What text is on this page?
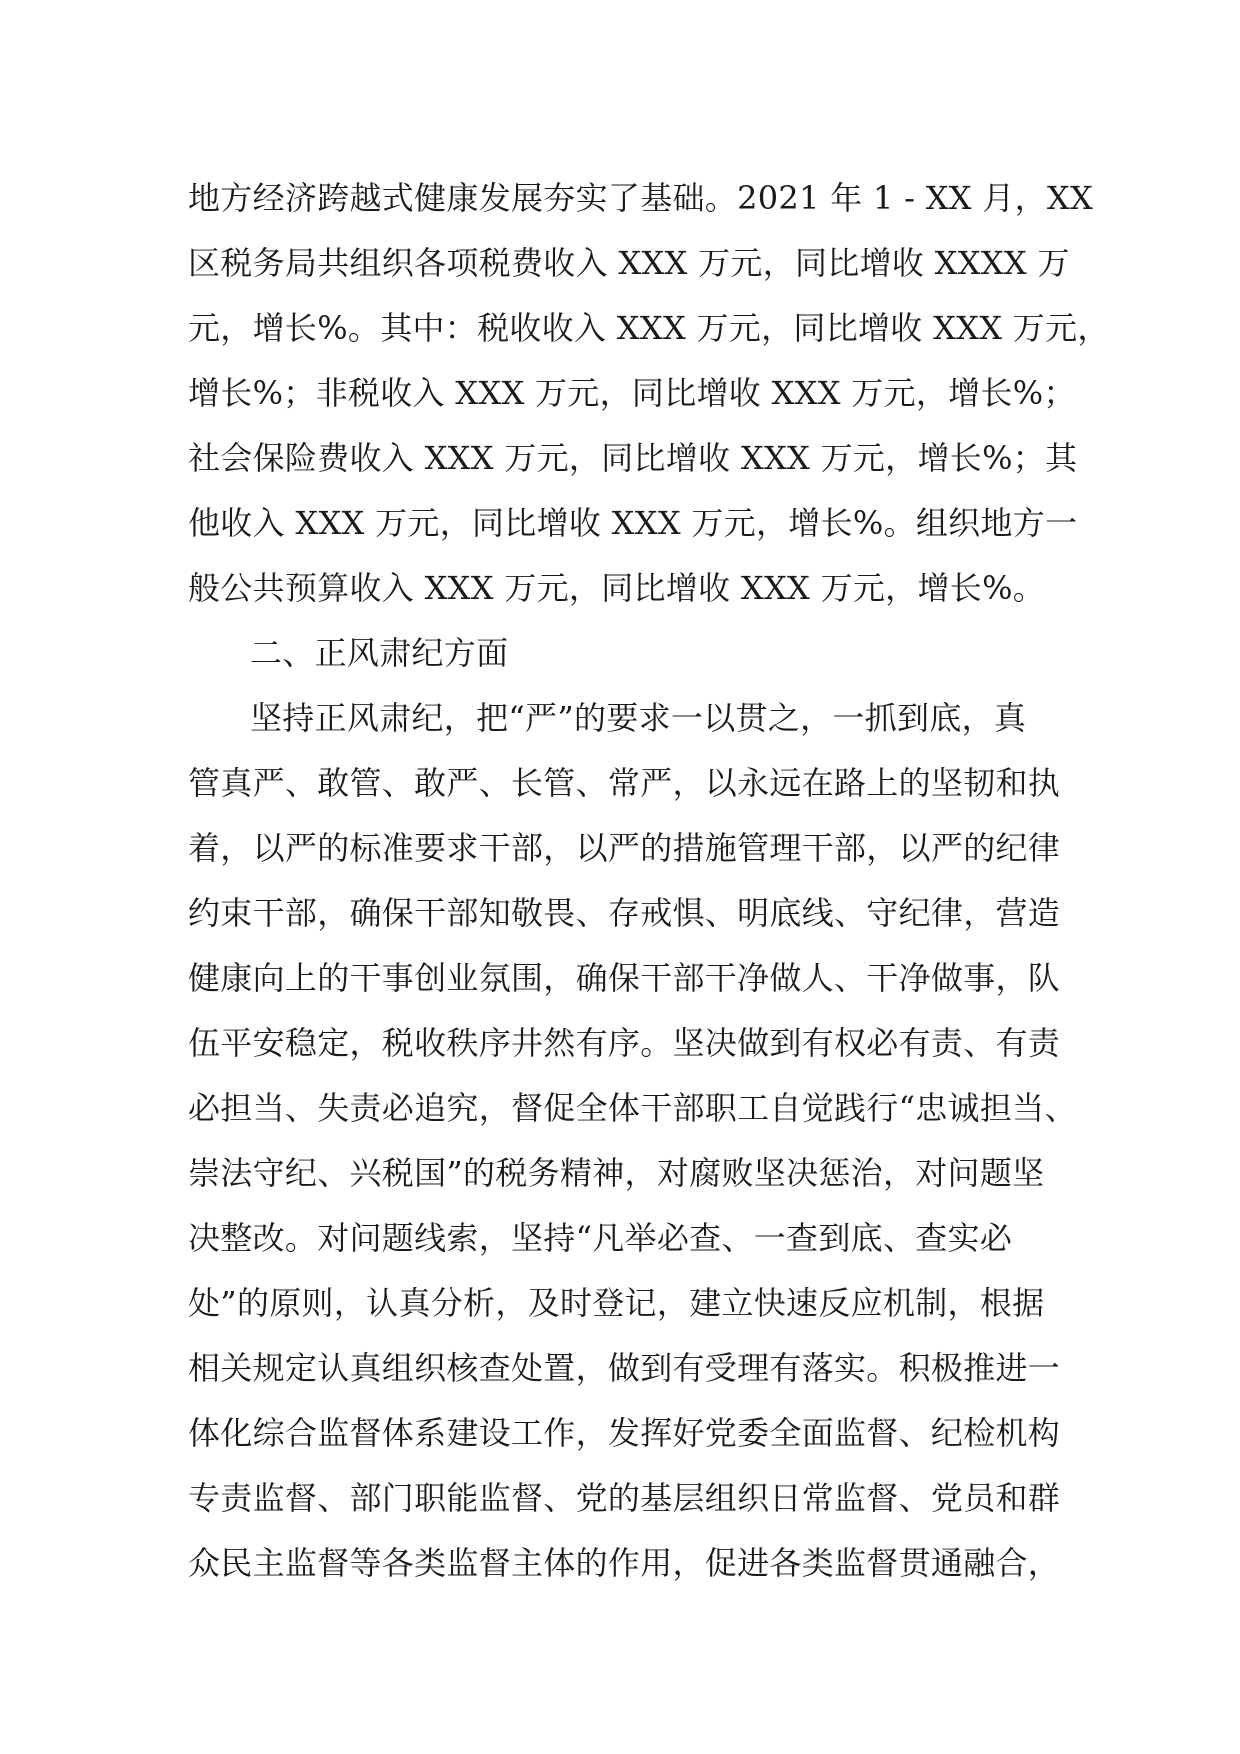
地方经济跨越式健康发展夯实了基础。2021 年 1 - XX 月，XX
区税务局共组织各项税费收入 XXX 万元，同比增收 XXXX 万
元，增长%。其中：税收收入 XXX 万元，同比增收 XXX 万元，
增长%；非税收入 XXX 万元，同比增收 XXX 万元，增长%；
社会保险费收入 XXX 万元，同比增收 XXX 万元，增长%；其
他收入 XXX 万元，同比增收 XXX 万元，增长%。组织地方一
般公共预算收入 XXX 万元，同比增收 XXX 万元，增长%。
二、正风肃纪方面
坚持正风肃纪，把“严”的要求一以贯之，一抓到底，真
管真严、敢管、敢严、长管、常严，以永远在路上的坚韧和执
着，以严的标准要求干部，以严的措施管理干部，以严的纪律
约束干部，确保干部知敬畏、存戒惧、明底线、守纪律，营造
健康向上的干事创业氛围，确保干部干净做人、干净做事，队
伍平安稳定，税收秩序井然有序。坚决做到有权必有责、有责
必担当、失责必追究，督促全体干部职工自觉践行“忠诚担当、
崇法守纪、兴税国”的税务精神，对腐败坚决惩治，对问题坚
决整改。对问题线索，坚持“凡举必查、一查到底、查实必
处”的原则，认真分析，及时登记，建立快速反应机制，根据
相关规定认真组织核查处置，做到有受理有落实。积极推进一
体化综合监督体系建设工作，发挥好党委全面监督、纪检机构
专责监督、部门职能监督、党的基层组织日常监督、党员和群
众民主监督等各类监督主体的作用，促进各类监督贯通融合，
